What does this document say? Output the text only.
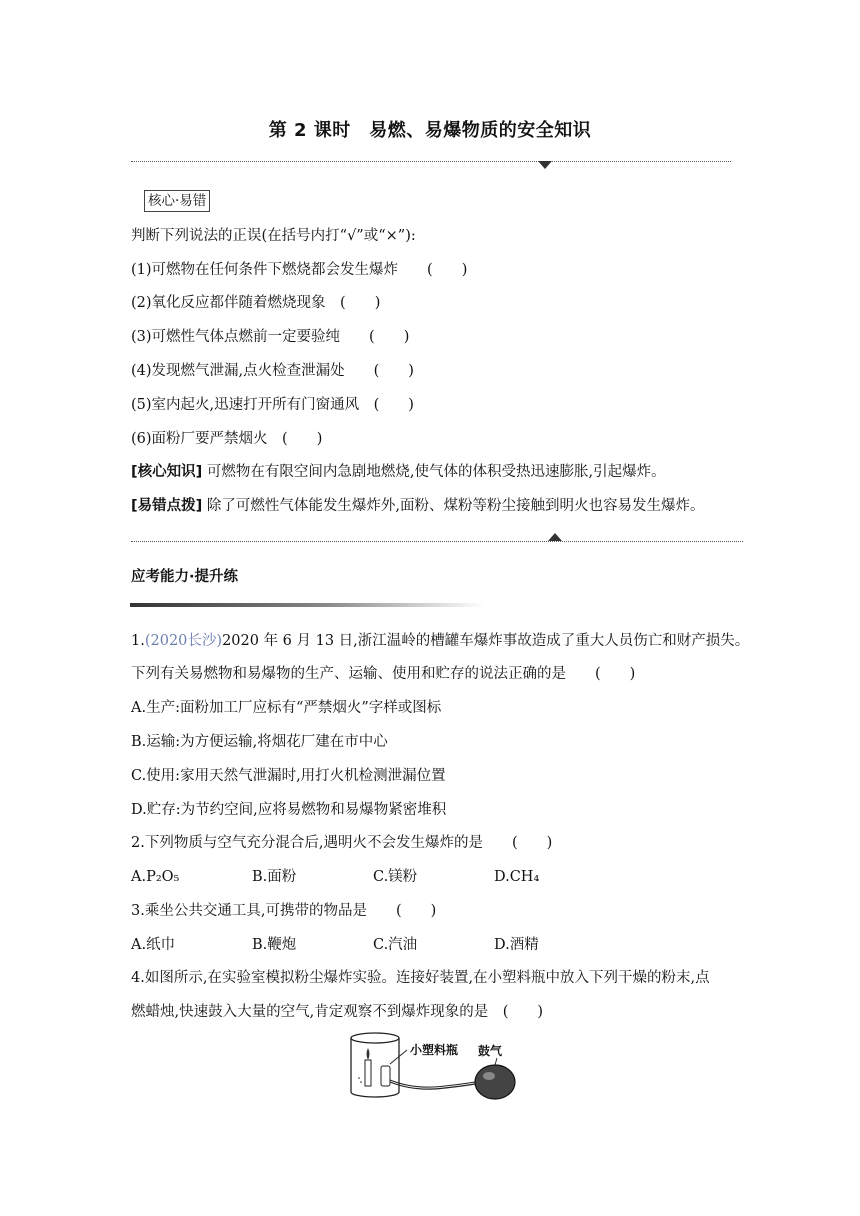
第 2 课时　易燃、易爆物质的安全知识
核心·易错
判断下列说法的正误(在括号内打“√”或“×”):
(1)可燃物在任何条件下燃烧都会发生爆炸　　(　　)
(2)氧化反应都伴随着燃烧现象　(　　)
(3)可燃性气体点燃前一定要验纯　　(　　)
(4)发现燃气泄漏,点火检查泄漏处　　(　　)
(5)室内起火,迅速打开所有门窗通风　(　　)
(6)面粉厂要严禁烟火　(　　)
[核心知识] 可燃物在有限空间内急剧地燃烧,使气体的体积受热迅速膨胀,引起爆炸。
[易错点拨] 除了可燃性气体能发生爆炸外,面粉、煤粉等粉尘接触到明火也容易发生爆炸。
应考能力·提升练
1.(2020长沙)2020 年 6 月 13 日,浙江温岭的槽罐车爆炸事故造成了重大人员伤亡和财产损失。
下列有关易燃物和易爆物的生产、运输、使用和贮存的说法正确的是　　(　　)
A.生产:面粉加工厂应标有“严禁烟火”字样或图标
B.运输:为方便运输,将烟花厂建在市中心
C.使用:家用天然气泄漏时,用打火机检测泄漏位置
D.贮存:为节约空间,应将易燃物和易爆物紧密堆积
2.下列物质与空气充分混合后,遇明火不会发生爆炸的是　　(　　)
A.P₂O₅	B.面粉	C.镁粉	D.CH₄
3.乘坐公共交通工具,可携带的物品是　　(　　)
A.纸巾	B.鞭炮	C.汽油	D.酒精
4.如图所示,在实验室模拟粉尘爆炸实验。连接好装置,在小塑料瓶中放入下列干燥的粉末,点
燃蜡烛,快速鼓入大量的空气,肯定观察不到爆炸现象的是　(　　)
小塑料瓶 鼓气
